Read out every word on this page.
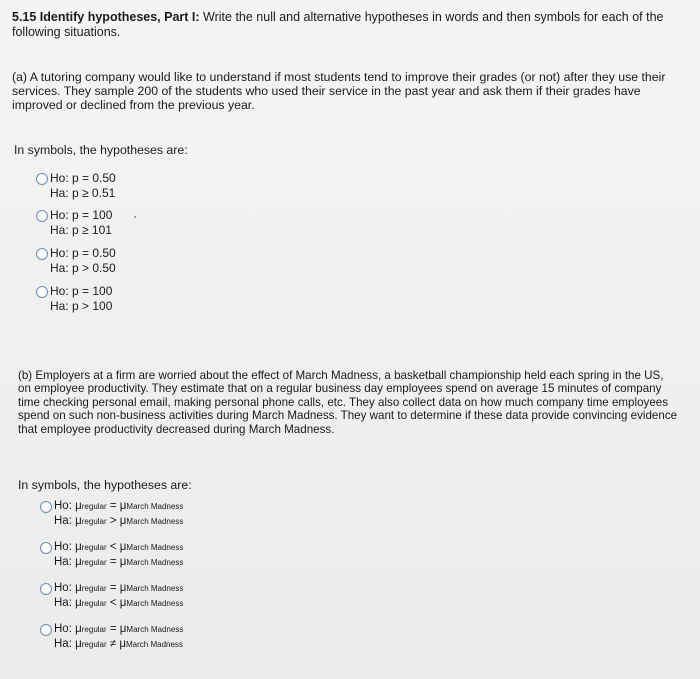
5.15 Identify hypotheses, Part I: Write the null and alternative hypotheses in words and then symbols for each of the following situations.
(a) A tutoring company would like to understand if most students tend to improve their grades (or not) after they use their services. They sample 200 of the students who used their service in the past year and ask them if their grades have improved or declined from the previous year.
In symbols, the hypotheses are:
Ho: p = 0.50
Ha: p ≥ 0.51
Ho: p = 100
Ha: p ≥ 101
Ho: p = 0.50
Ha: p > 0.50
Ho: p = 100
Ha: p > 100
(b) Employers at a firm are worried about the effect of March Madness, a basketball championship held each spring in the US, on employee productivity. They estimate that on a regular business day employees spend on average 15 minutes of company time checking personal email, making personal phone calls, etc. They also collect data on how much company time employees spend on such non-business activities during March Madness. They want to determine if these data provide convincing evidence that employee productivity decreased during March Madness.
In symbols, the hypotheses are:
Ho: μregular = μMarch Madness
Ha: μregular > μMarch Madness
Ho: μregular < μMarch Madness
Ha: μregular = μMarch Madness
Ho: μregular = μMarch Madness
Ha: μregular < μMarch Madness
Ho: μregular = μMarch Madness
Ha: μregular ≠ μMarch Madness
